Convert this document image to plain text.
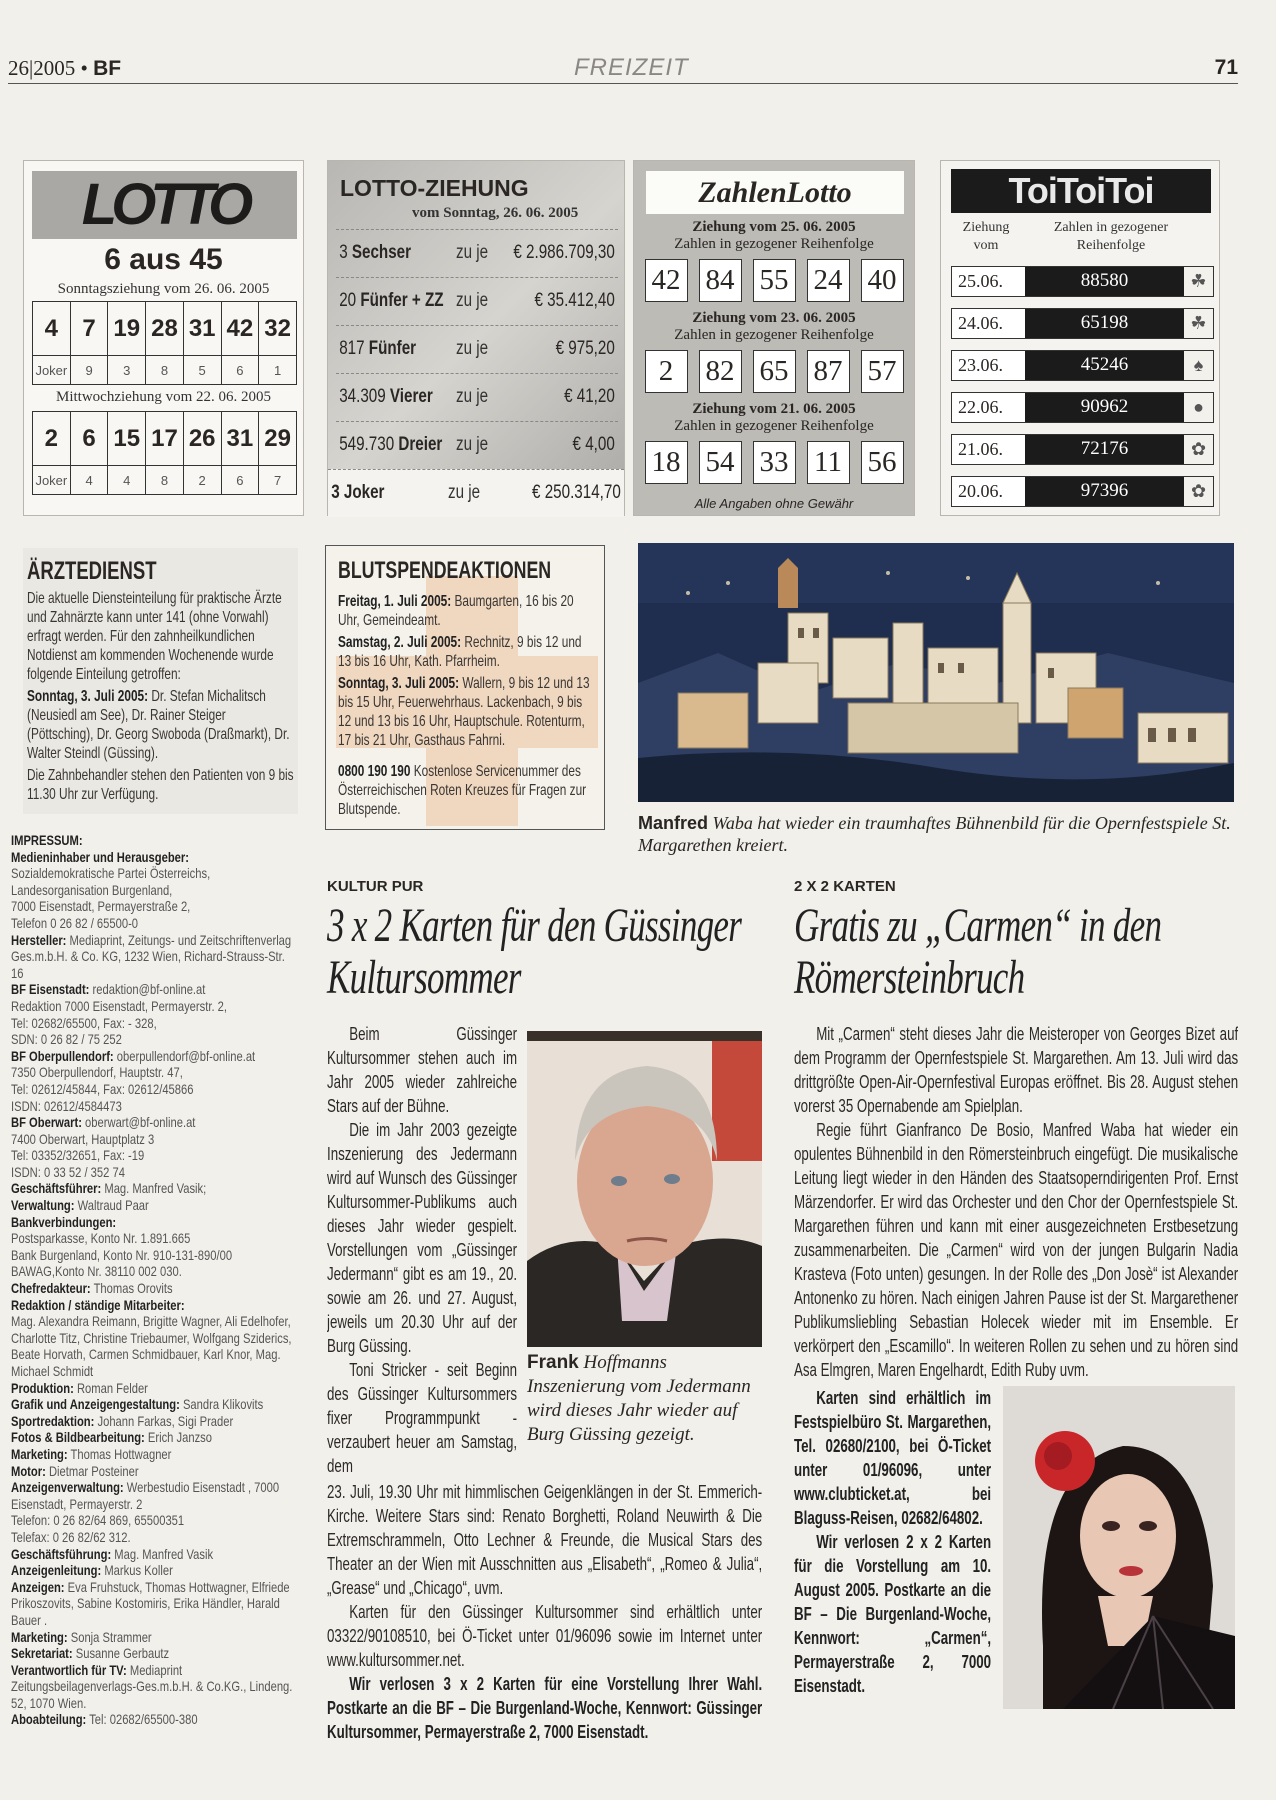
26|2005 • BF	FREIZEIT	71
LOTTO
6 aus 45
Sonntagsziehung vom 26. 06. 2005
4	7	19	28	31	42	32
Joker	9	3	8	5	6	1
Mittwochziehung vom 22. 06. 2005
2	6	15	17	26	31	29
Joker	4	4	8	2	6	7
LOTTO-ZIEHUNG
vom Sonntag, 26. 06. 2005
3 Sechser	zu je	€ 2.986.709,30
20 Fünfer + ZZ zu je	€ 35.412,40
817 Fünfer	zu je	€ 975,20
34.309 Vierer	zu je	€ 41,20
549.730 Dreier zu je	€ 4,00
3 Joker	zu je	€ 250.314,70
ZahlenLotto
Ziehung vom 25. 06. 2005
Zahlen in gezogener Reihenfolge
42 84 55 24 40
Ziehung vom 23. 06. 2005
Zahlen in gezogener Reihenfolge
2	82 65 87 57
Ziehung vom 21. 06. 2005
Zahlen in gezogener Reihenfolge
18 54 33 11 56
Alle Angaben ohne Gewähr
ToiToiToi
Ziehung vom
Zahlen in gezogener Reihenfolge
25.06.	88580	☘
24.06.	65198	☘
23.06.	45246	♠
22.06.	90962	●
21.06.	72176	✿
20.06.	97396	✿
ÄRZTEDIENST

Die aktuelle Diensteinteilung für praktische Ärzte und Zahnärzte kann unter 141 (ohne Vorwahl) erfragt werden. Für den zahnheilkundlichen Notdienst am kommenden Wochenende wurde folgende Einteilung getroffen:

Sonntag, 3. Juli 2005: Dr. Stefan Michalitsch (Neusiedl am See), Dr. Rainer Steiger (Pöttsching), Dr. Georg Swoboda (Draßmarkt), Dr. Walter Steindl (Güssing).

Die Zahnbehandler stehen den Patienten von 9 bis 11.30 Uhr zur Verfügung.

IMPRESSUM:
Medieninhaber und Herausgeber:
Sozialdemokratische Partei Österreichs,
Landesorganisation Burgenland,
7000 Eisenstadt, Permayerstraße 2,
Telefon 0 26 82 / 65500-0
Hersteller: Mediaprint, Zeitungs- und Zeitschriftenverlag Ges.m.b.H. & Co. KG, 1232 Wien, Richard-Strauss-Str. 16
BF Eisenstadt: redaktion@bf-online.at
Redaktion 7000 Eisenstadt, Permayerstr. 2,
Tel: 02682/65500, Fax: - 328,
SDN: 0 26 82 / 75 252
BF Oberpullendorf: oberpullendorf@bf-online.at
7350 Oberpullendorf, Hauptstr. 47,
Tel: 02612/45844, Fax: 02612/45866
ISDN: 02612/4584473
BF Oberwart: oberwart@bf-online.at
7400 Oberwart, Hauptplatz 3
Tel: 03352/32651, Fax: -19
ISDN: 0 33 52 / 352 74
Geschäftsführer: Mag. Manfred Vasik;
Verwaltung: Waltraud Paar
Bankverbindungen:
Postsparkasse, Konto Nr. 1.891.665
Bank Burgenland, Konto Nr. 910-131-890/00
BAWAG,Konto Nr. 38110 002 030.
Chefredakteur: Thomas Orovits
Redaktion / ständige Mitarbeiter:
Mag. Alexandra Reimann, Brigitte Wagner, Ali Edelhofer, Charlotte Titz, Christine Triebaumer, Wolfgang Sziderics, Beate Horvath, Carmen Schmidbauer, Karl Knor, Mag. Michael Schmidt
Produktion: Roman Felder
Grafik und Anzeigengestaltung: Sandra Klikovits
Sportredaktion: Johann Farkas, Sigi Prader
Fotos & Bildbearbeitung: Erich Janzso
Marketing: Thomas Hottwagner
Motor: Dietmar Posteiner
Anzeigenverwaltung: Werbestudio Eisenstadt , 7000 Eisenstadt, Permayerstr. 2
Telefon: 0 26 82/64 869, 65500351
Telefax: 0 26 82/62 312.
Geschäftsführung: Mag. Manfred Vasik
Anzeigenleitung: Markus Koller
Anzeigen: Eva Fruhstuck, Thomas Hottwagner, Elfriede Prikoszovits, Sabine Kostomiris, Erika Händler, Harald Bauer .
Marketing: Sonja Strammer
Sekretariat: Susanne Gerbautz
Verantwortlich für TV: Mediaprint Zeitungsbeilagenverlags-Ges.m.b.H. & Co.KG., Lindeng. 52, 1070 Wien.
Aboabteilung: Tel: 02682/65500-380
BLUTSPENDEAKTIONEN

Freitag, 1. Juli 2005: Baumgarten, 16 bis 20 Uhr, Gemeindeamt.

Samstag, 2. Juli 2005: Rechnitz, 9 bis 12 und 13 bis 16 Uhr, Kath. Pfarrheim.

Sonntag, 3. Juli 2005: Wallern, 9 bis 12 und 13 bis 15 Uhr, Feuerwehrhaus. Lackenbach, 9 bis 12 und 13 bis 16 Uhr, Hauptschule. Rotenturm, 17 bis 21 Uhr, Gasthaus Fahrni.

0800 190 190 Kostenlose Servicenummer des Österreichischen Roten Kreuzes für Fragen zur Blutspende.
Manfred Waba hat wieder ein traumhaftes Bühnenbild für die Opernfestspiele St. Margarethen kreiert.
KULTUR PUR
3 x 2 Karten für den Güssinger Kultursommer

Beim Güssinger Kultursommer stehen auch im Jahr 2005 wieder zahlreiche Stars auf der Bühne.

Die im Jahr 2003 gezeigte Inszenierung des Jedermann wird auf Wunsch des Güssinger Kultursommer-Publikums auch dieses Jahr wieder gespielt. Vorstellungen vom „Güssinger Jedermann“ gibt es am 19., 20. sowie am 26. und 27. August, jeweils um 20.30 Uhr auf der Burg Güssing.

Toni Stricker - seit Beginn des Güssinger Kultursommers fixer Programmpunkt - verzaubert heuer am Samstag, dem

Frank Hoffmanns Inszenierung vom Jedermann wird dieses Jahr wieder auf Burg Güssing gezeigt.
23. Juli, 19.30 Uhr mit himmlischen Geigenklängen in der St. Emmerich-Kirche. Weitere Stars sind: Renato Borghetti, Roland Neuwirth & Die Extremschrammeln, Otto Lechner & Freunde, die Musical Stars des Theater an der Wien mit Ausschnitten aus „Elisabeth“, „Romeo & Julia“, „Grease“ und „Chicago“, uvm.

Karten für den Güssinger Kultursommer sind erhältlich unter 03322/90108510, bei Ö-Ticket unter 01/96096 sowie im Internet unter www.kultursommer.net.

Wir verlosen 3 x 2 Karten für eine Vorstellung Ihrer Wahl. Postkarte an die BF – Die Burgenland-Woche, Kennwort: Güssinger Kultursommer, Permayerstraße 2, 7000 Eisenstadt.

2 X 2 KARTEN
Gratis zu „Carmen“ in den Römersteinbruch

Mit „Carmen“ steht dieses Jahr die Meisteroper von Georges Bizet auf dem Programm der Opernfestspiele St. Margarethen. Am 13. Juli wird das drittgrößte Open-Air-Opernfestival Europas eröffnet. Bis 28. August stehen vorerst 35 Opernabende am Spielplan.

Regie führt Gianfranco De Bosio, Manfred Waba hat wieder ein opulentes Bühnenbild in den Römersteinbruch eingefügt. Die musikalische Leitung liegt wieder in den Händen des Staatsoperndirigenten Prof. Ernst Märzendorfer. Er wird das Orchester und den Chor der Opernfestspiele St. Margarethen führen und kann mit einer ausgezeichneten Erstbesetzung zusammenarbeiten. Die „Carmen“ wird von der jungen Bulgarin Nadia Krasteva (Foto unten) gesungen. In der Rolle des „Don Josè“ ist Alexander Antonenko zu hören. Nach einigen Jahren Pause ist der St. Margarethener Publikumsliebling Sebastian Holecek wieder mit im Ensemble. Er verkörpert den „Escamillo“. In weiteren Rollen zu sehen und zu hören sind Asa Elmgren, Maren Engelhardt, Edith Ruby uvm.

Karten sind erhältlich im Festspielbüro St. Margarethen, Tel. 02680/2100, bei Ö-Ticket unter 01/96096, unter www.clubticket.at, bei Blaguss-Reisen, 02682/64802.

Wir verlosen 2 x 2 Karten für die Vorstellung am 10. August 2005. Postkarte an die BF – Die Burgenland-Woche, Kennwort: „Carmen“, Permayerstraße 2, 7000 Eisenstadt.
